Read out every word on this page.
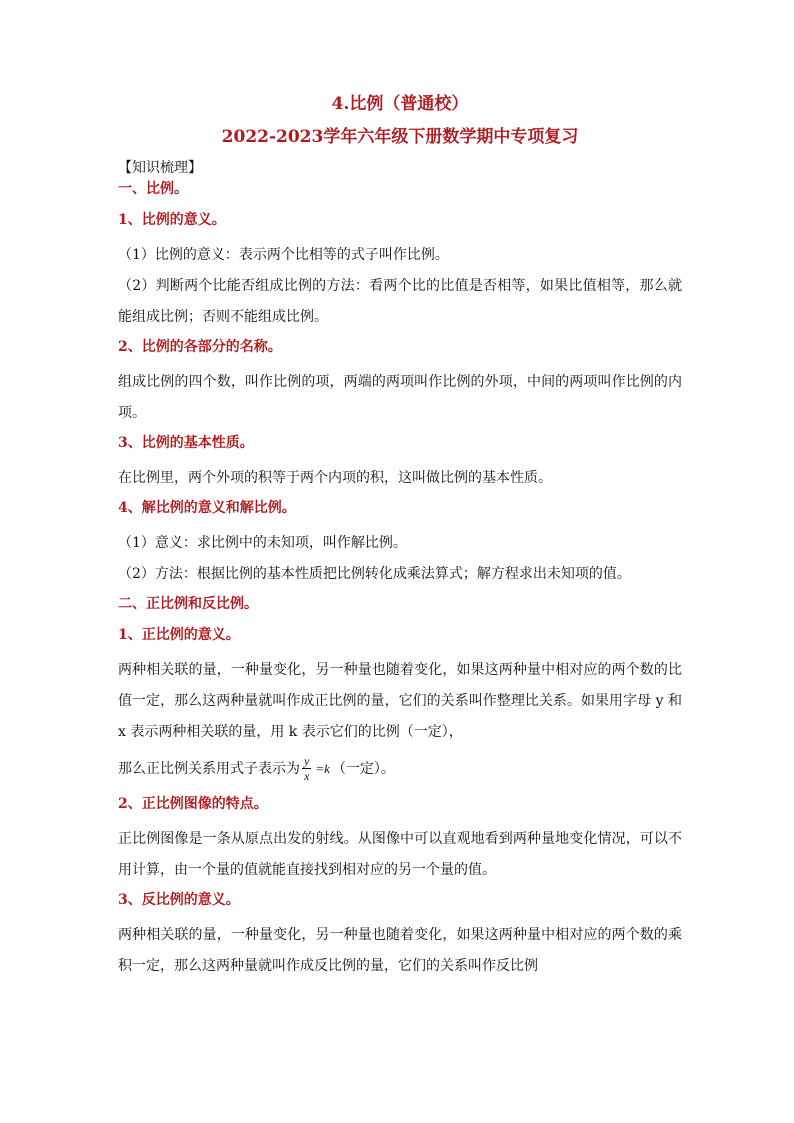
4.比例（普通校）
2022-2023学年六年级下册数学期中专项复习

【知识梳理】

一、比例。

1、比例的意义。

（1）比例的意义：表示两个比相等的式子叫作比例。

（2）判断两个比能否组成比例的方法：看两个比的比值是否相等，如果比值相等，那么就能组成比例；否则不能组成比例。

2、比例的各部分的名称。

组成比例的四个数，叫作比例的项，两端的两项叫作比例的外项，中间的两项叫作比例的内项。

3、比例的基本性质。

在比例里，两个外项的积等于两个内项的积，这叫做比例的基本性质。

4、解比例的意义和解比例。

（1）意义：求比例中的未知项，叫作解比例。

（2）方法：根据比例的基本性质把比例转化成乘法算式；解方程求出未知项的值。

二、正比例和反比例。

1、正比例的意义。

两种相关联的量，一种量变化，另一种量也随着变化，如果这两种量中相对应的两个数的比值一定，那么这两种量就叫作成正比例的量，它们的关系叫作整理比关系。如果用字母 y 和 x 表示两种相关联的量，用 k 表示它们的比例（一定），

那么正比例关系用式子表示为 $\frac{y}{x} =k$ （一定）。

2、正比例图像的特点。

正比例图像是一条从原点出发的射线。从图像中可以直观地看到两种量地变化情况，可以不用计算，由一个量的值就能直接找到相对应的另一个量的值。

3、反比例的意义。

两种相关联的量，一种量变化，另一种量也随着变化，如果这两种量中相对应的两个数的乘积一定，那么这两种量就叫作成反比例的量，它们的关系叫作反比例
